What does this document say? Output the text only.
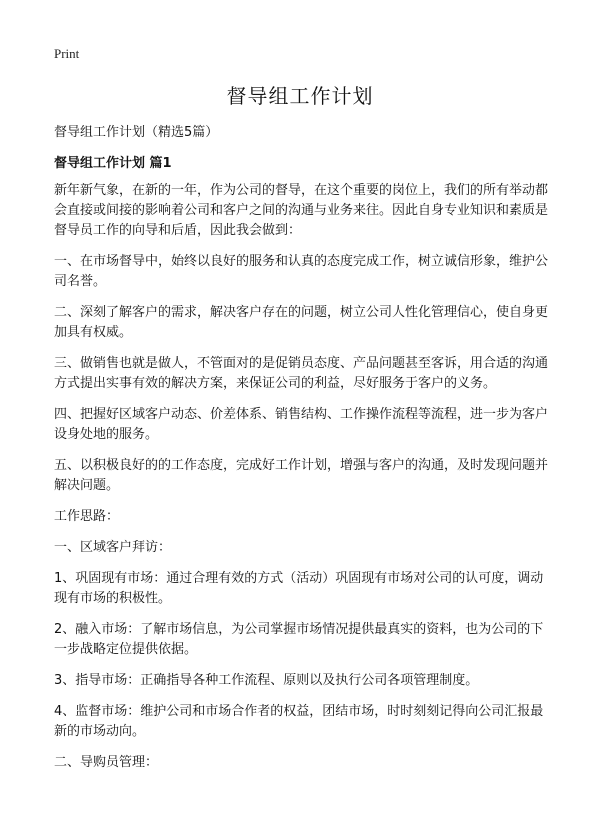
Print
督导组工作计划
督导组工作计划（精选5篇）
督导组工作计划 篇1

新年新气象，在新的一年，作为公司的督导，在这个重要的岗位上，我们的所有举动都会直接或间接的影响着公司和客户之间的沟通与业务来往。因此自身专业知识和素质是督导员工作的向导和后盾，因此我会做到：

一、在市场督导中，始终以良好的服务和认真的态度完成工作，树立诚信形象，维护公司名誉。

二、深刻了解客户的需求，解决客户存在的问题，树立公司人性化管理信心，使自身更加具有权威。

三、做销售也就是做人，不管面对的是促销员态度、产品问题甚至客诉，用合适的沟通方式提出实事有效的解决方案，来保证公司的利益，尽好服务于客户的义务。

四、把握好区域客户动态、价差体系、销售结构、工作操作流程等流程，进一步为客户设身处地的服务。

五、以积极良好的的工作态度，完成好工作计划，增强与客户的沟通，及时发现问题并解决问题。

工作思路：

一、区域客户拜访：

1、巩固现有市场：通过合理有效的方式（活动）巩固现有市场对公司的认可度，调动现有市场的积极性。

2、融入市场：了解市场信息，为公司掌握市场情况提供最真实的资料，也为公司的下一步战略定位提供依据。

3、指导市场：正确指导各种工作流程、原则以及执行公司各项管理制度。

4、监督市场：维护公司和市场合作者的权益，团结市场，时时刻刻记得向公司汇报最新的市场动向。

二、导购员管理：
